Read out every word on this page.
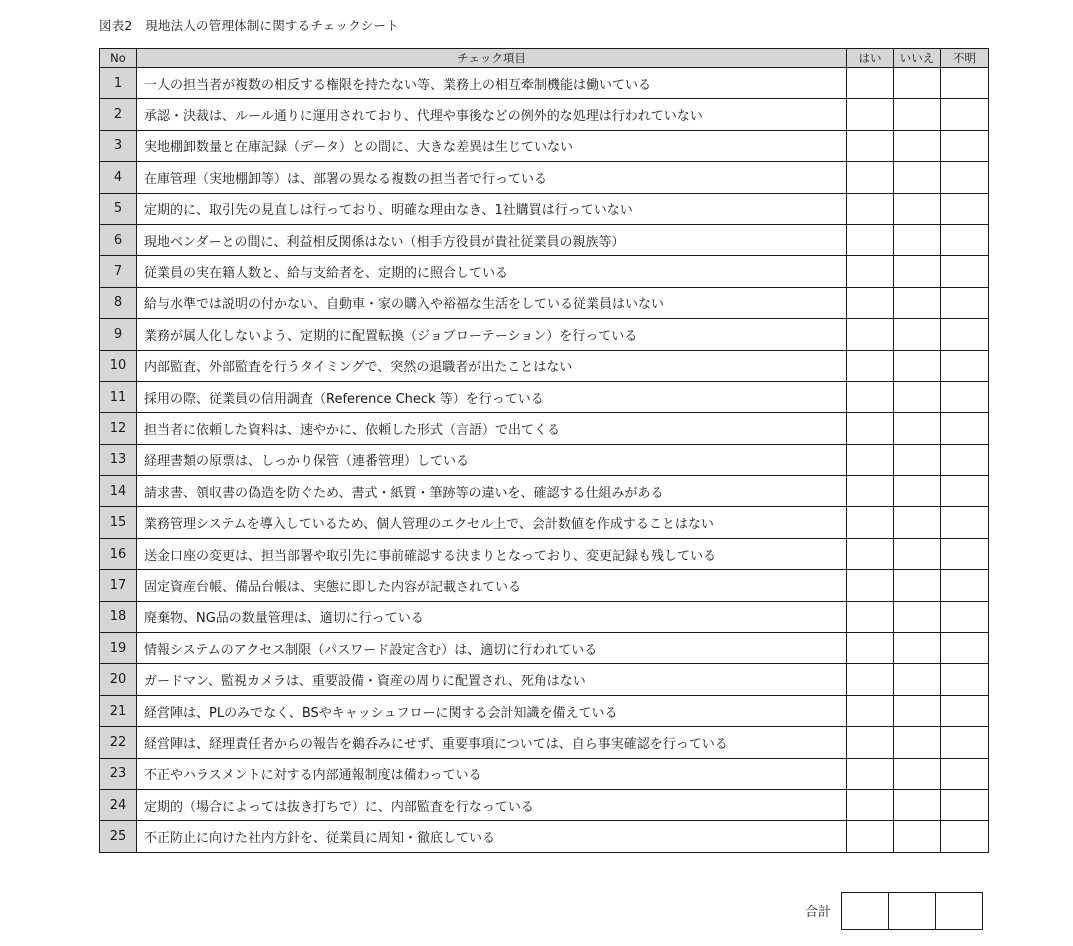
図表2　現地法人の管理体制に関するチェックシート
No	チェック項目	はい	いいえ	不明
1	一人の担当者が複数の相反する権限を持たない等、業務上の相互牽制機能は働いている			
2	承認・決裁は、ルール通りに運用されており、代理や事後などの例外的な処理は行われていない			
3	実地棚卸数量と在庫記録（データ）との間に、大きな差異は生じていない			
4	在庫管理（実地棚卸等）は、部署の異なる複数の担当者で行っている			
5	定期的に、取引先の見直しは行っており、明確な理由なき、1社購買は行っていない			
6	現地ベンダーとの間に、利益相反関係はない（相手方役員が貴社従業員の親族等）			
7	従業員の実在籍人数と、給与支給者を、定期的に照合している			
8	給与水準では説明の付かない、自動車・家の購入や裕福な生活をしている従業員はいない			
9	業務が属人化しないよう、定期的に配置転換（ジョブローテーション）を行っている			
10	内部監査、外部監査を行うタイミングで、突然の退職者が出たことはない			
11	採用の際、従業員の信用調査（Reference Check 等）を行っている			
12	担当者に依頼した資料は、速やかに、依頼した形式（言語）で出てくる			
13	経理書類の原票は、しっかり保管（連番管理）している			
14	請求書、領収書の偽造を防ぐため、書式・紙質・筆跡等の違いを、確認する仕組みがある			
15	業務管理システムを導入しているため、個人管理のエクセル上で、会計数値を作成することはない			
16	送金口座の変更は、担当部署や取引先に事前確認する決まりとなっており、変更記録も残している			
17	固定資産台帳、備品台帳は、実態に即した内容が記載されている			
18	廃棄物、NG品の数量管理は、適切に行っている			
19	情報システムのアクセス制限（パスワード設定含む）は、適切に行われている			
20	ガードマン、監視カメラは、重要設備・資産の周りに配置され、死角はない			
21	経営陣は、PLのみでなく、BSやキャッシュフローに関する会計知識を備えている			
22	経営陣は、経理責任者からの報告を鵜呑みにせず、重要事項については、自ら事実確認を行っている			
23	不正やハラスメントに対する内部通報制度は備わっている			
24	定期的（場合によっては抜き打ちで）に、内部監査を行なっている			
25	不正防止に向けた社内方針を、従業員に周知・徹底している			
合計
